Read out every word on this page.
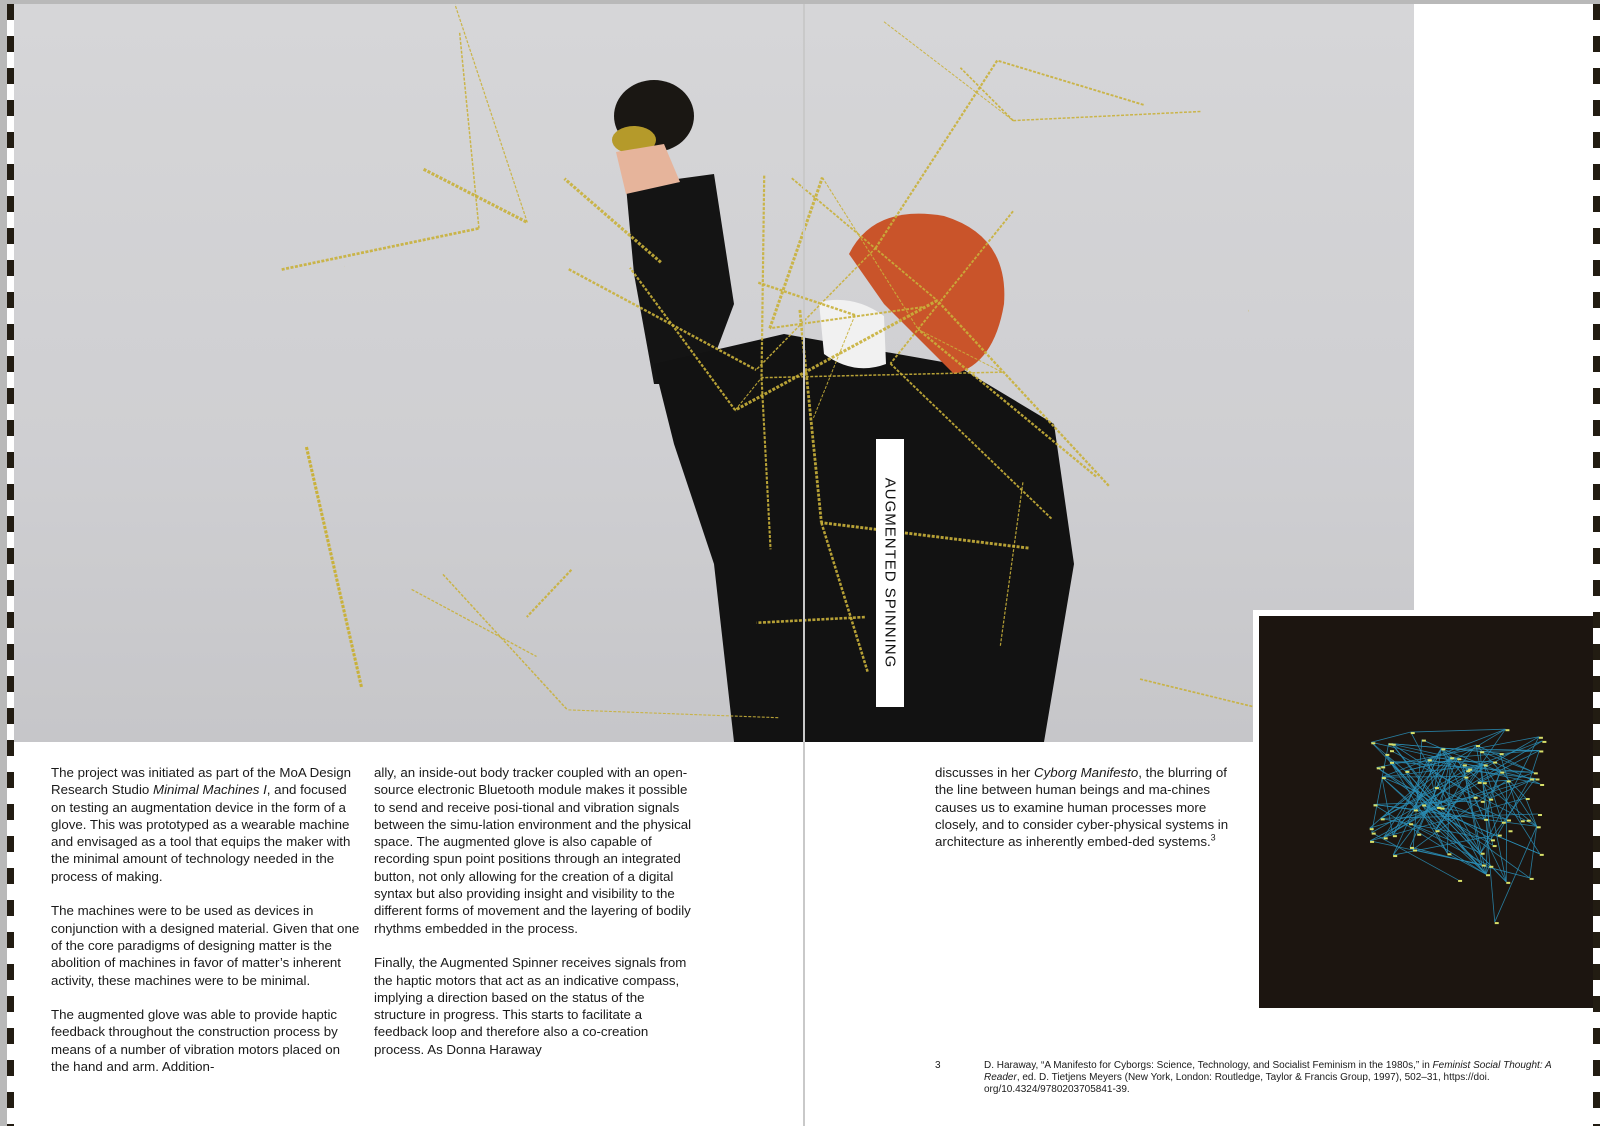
AUGMENTED SPINNING

The project was initiated as part of the MoA Design Research Studio Minimal Machines I, and focused on testing an augmentation device in the form of a glove. This was prototyped as a wearable machine and envisaged as a tool that equips the maker with the minimal amount of technology needed in the process of making.

The machines were to be used as devices in conjunction with a designed material. Given that one of the core paradigms of designing matter is the abolition of machines in favor of matter’s inherent activity, these machines were to be minimal.

The augmented glove was able to provide haptic feedback throughout the construction process by means of a number of vibration motors placed on the hand and arm. Addition-

ally, an inside-out body tracker coupled with an open-source electronic Bluetooth module makes it possible to send and receive posi-tional and vibration signals between the simu-lation environment and the physical space. The augmented glove is also capable of recording spun point positions through an integrated button, not only allowing for the creation of a digital syntax but also providing insight and visibility to the different forms of movement and the layering of bodily rhythms embedded in the process.

Finally, the Augmented Spinner receives signals from the haptic motors that act as an indicative compass, implying a direction based on the status of the structure in progress. This starts to facilitate a feedback loop and therefore also a co-creation process. As Donna Haraway

discusses in her Cyborg Manifesto, the blurring of the line between human beings and ma-chines causes us to examine human processes more closely, and to consider cyber-physical systems in architecture as inherently embed-ded systems.$^3$

3	D. Haraway, “A Manifesto for Cyborgs: Science, Technology, and Socialist Feminism in the 1980s,” in Feminist Social Thought: A Reader, ed. D. Tietjens Meyers (New York, London: Routledge, Taylor & Francis Group, 1997), 502–31, https://doi. org/10.4324/9780203705841-39.
